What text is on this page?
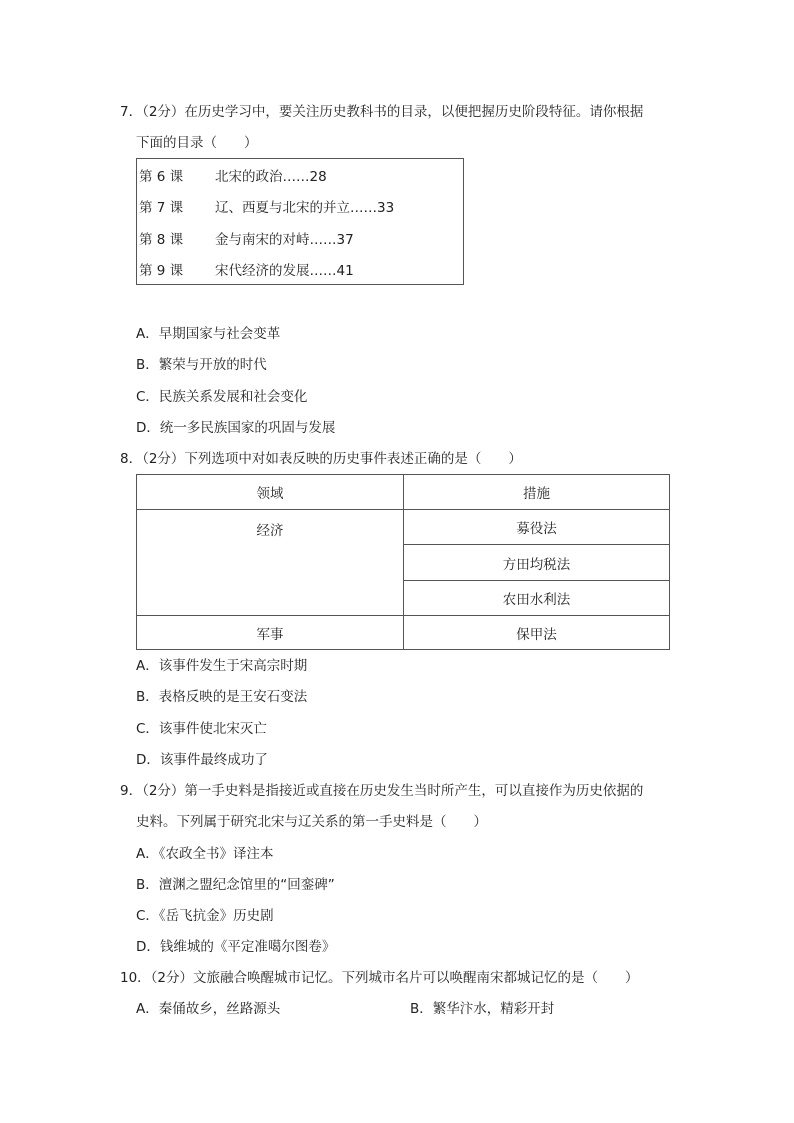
7．（2分）在历史学习中，要关注历史教科书的目录，以便把握历史阶段特征。请你根据
下面的目录（　　）
第 6 课 北宋的政治……28
第 7 课 辽、西夏与北宋的并立……33
第 8 课 金与南宋的对峙……37
第 9 课 宋代经济的发展……41
A．早期国家与社会变革
B．繁荣与开放的时代
C．民族关系发展和社会变化
D．统一多民族国家的巩固与发展
8．（2分）下列选项中对如表反映的历史事件表述正确的是（　　）
领域	措施
经济	募役法
方田均税法
农田水利法
军事	保甲法
A．该事件发生于宋高宗时期
B．表格反映的是王安石变法
C．该事件使北宋灭亡
D．该事件最终成功了
9．（2分）第一手史料是指接近或直接在历史发生当时所产生，可以直接作为历史依据的
史料。下列属于研究北宋与辽关系的第一手史料是（　　）
A．《农政全书》译注本
B．澶渊之盟纪念馆里的“回銮碑”
C．《岳飞抗金》历史剧
D．钱维城的《平定准噶尔图卷》
10．（2分）文旅融合唤醒城市记忆。下列城市名片可以唤醒南宋都城记忆的是（　　）
A．秦俑故乡，丝路源头	B．繁华汴水，精彩开封
